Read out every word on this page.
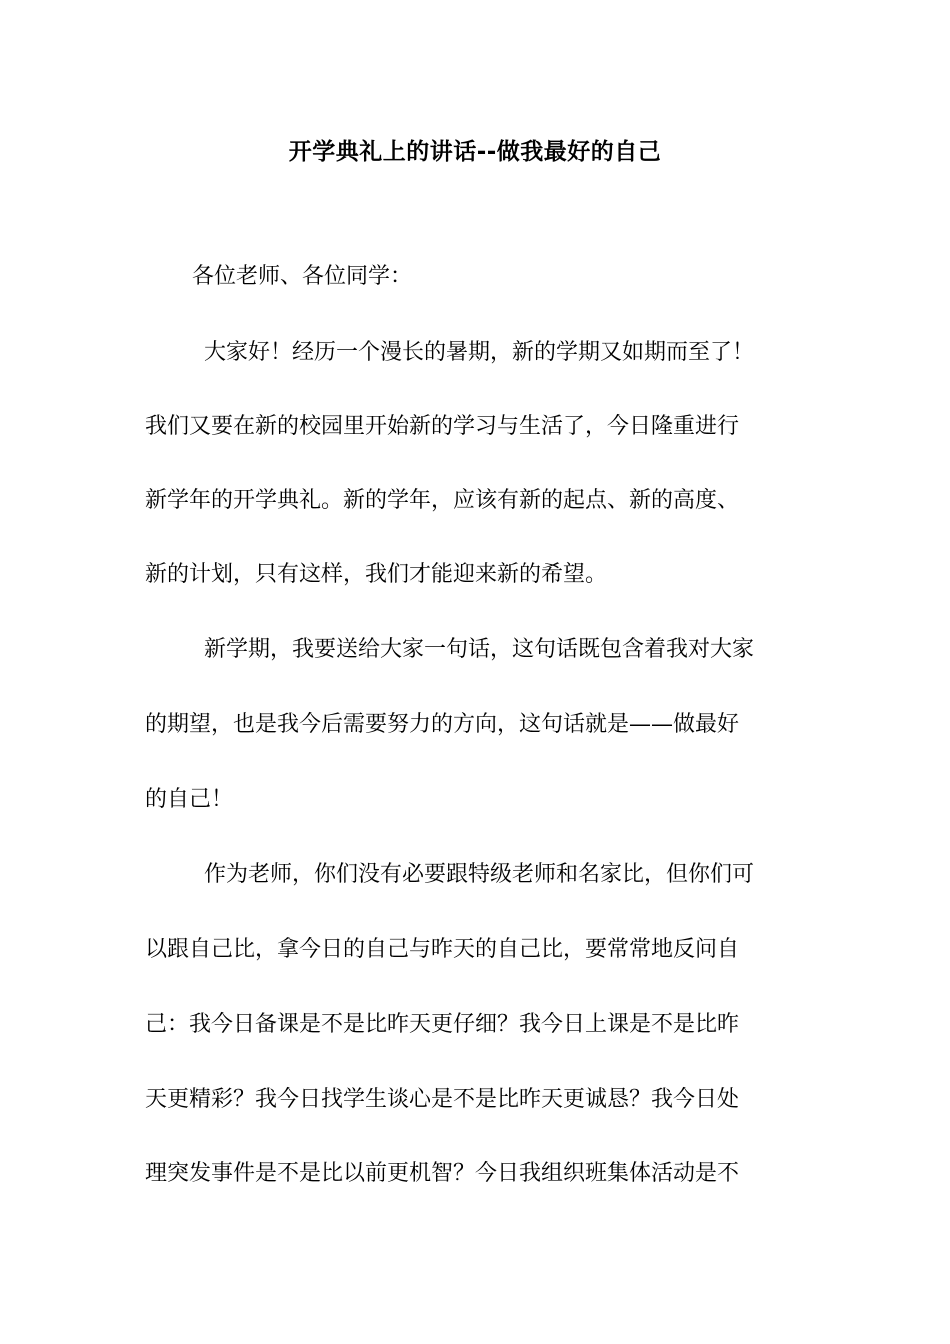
开学典礼上的讲话--做我最好的自己

各位老师、各位同学：

大家好！经历一个漫长的暑期，新的学期又如期而至了！

我们又要在新的校园里开始新的学习与生活了，今日隆重进行

新学年的开学典礼。新的学年，应该有新的起点、新的高度、

新的计划，只有这样，我们才能迎来新的希望。

新学期，我要送给大家一句话，这句话既包含着我对大家

的期望，也是我今后需要努力的方向，这句话就是——做最好

的自己！

作为老师，你们没有必要跟特级老师和名家比，但你们可

以跟自己比，拿今日的自己与昨天的自己比，要常常地反问自

己：我今日备课是不是比昨天更仔细？我今日上课是不是比昨

天更精彩？我今日找学生谈心是不是比昨天更诚恳？我今日处

理突发事件是不是比以前更机智？今日我组织班集体活动是不
